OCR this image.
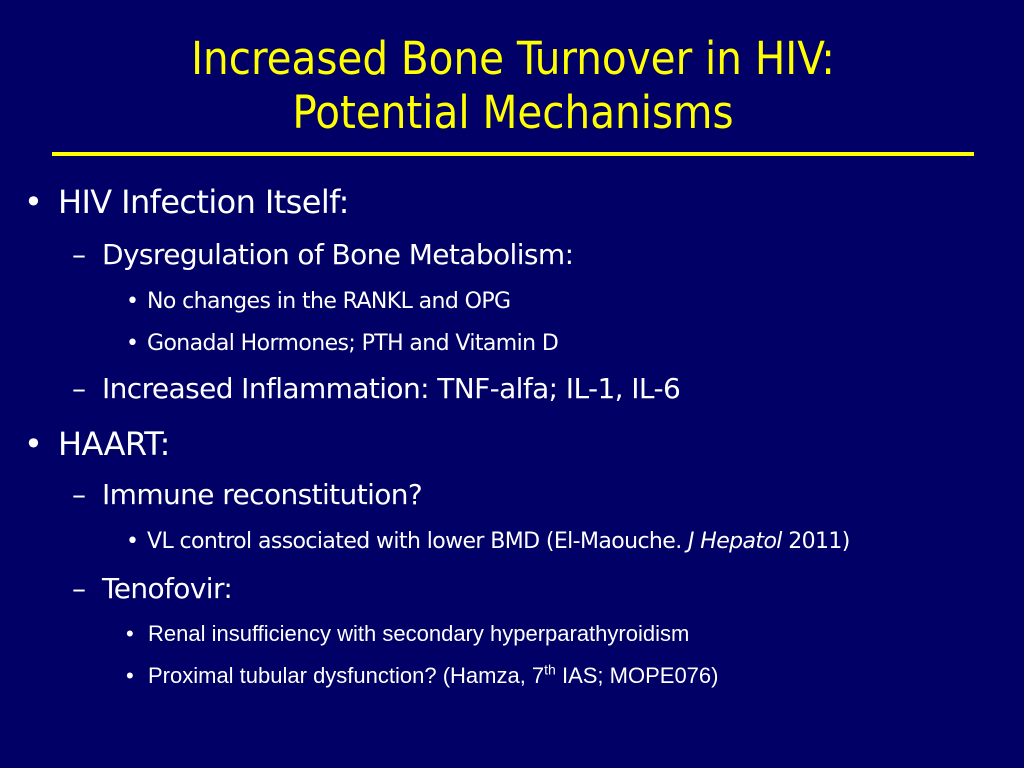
Increased Bone Turnover in HIV:
Potential Mechanisms
• HIV Infection Itself:
– Dysregulation of Bone Metabolism:
• No changes in the RANKL and OPG
• Gonadal Hormones; PTH and Vitamin D
– Increased Inflammation: TNF-alfa; IL-1, IL-6
• HAART:
– Immune reconstitution?
• VL control associated with lower BMD (El-Maouche. J Hepatol 2011)
– Tenofovir:
• Renal insufficiency with secondary hyperparathyroidism
• Proximal tubular dysfunction? (Hamza, 7th IAS; MOPE076)
